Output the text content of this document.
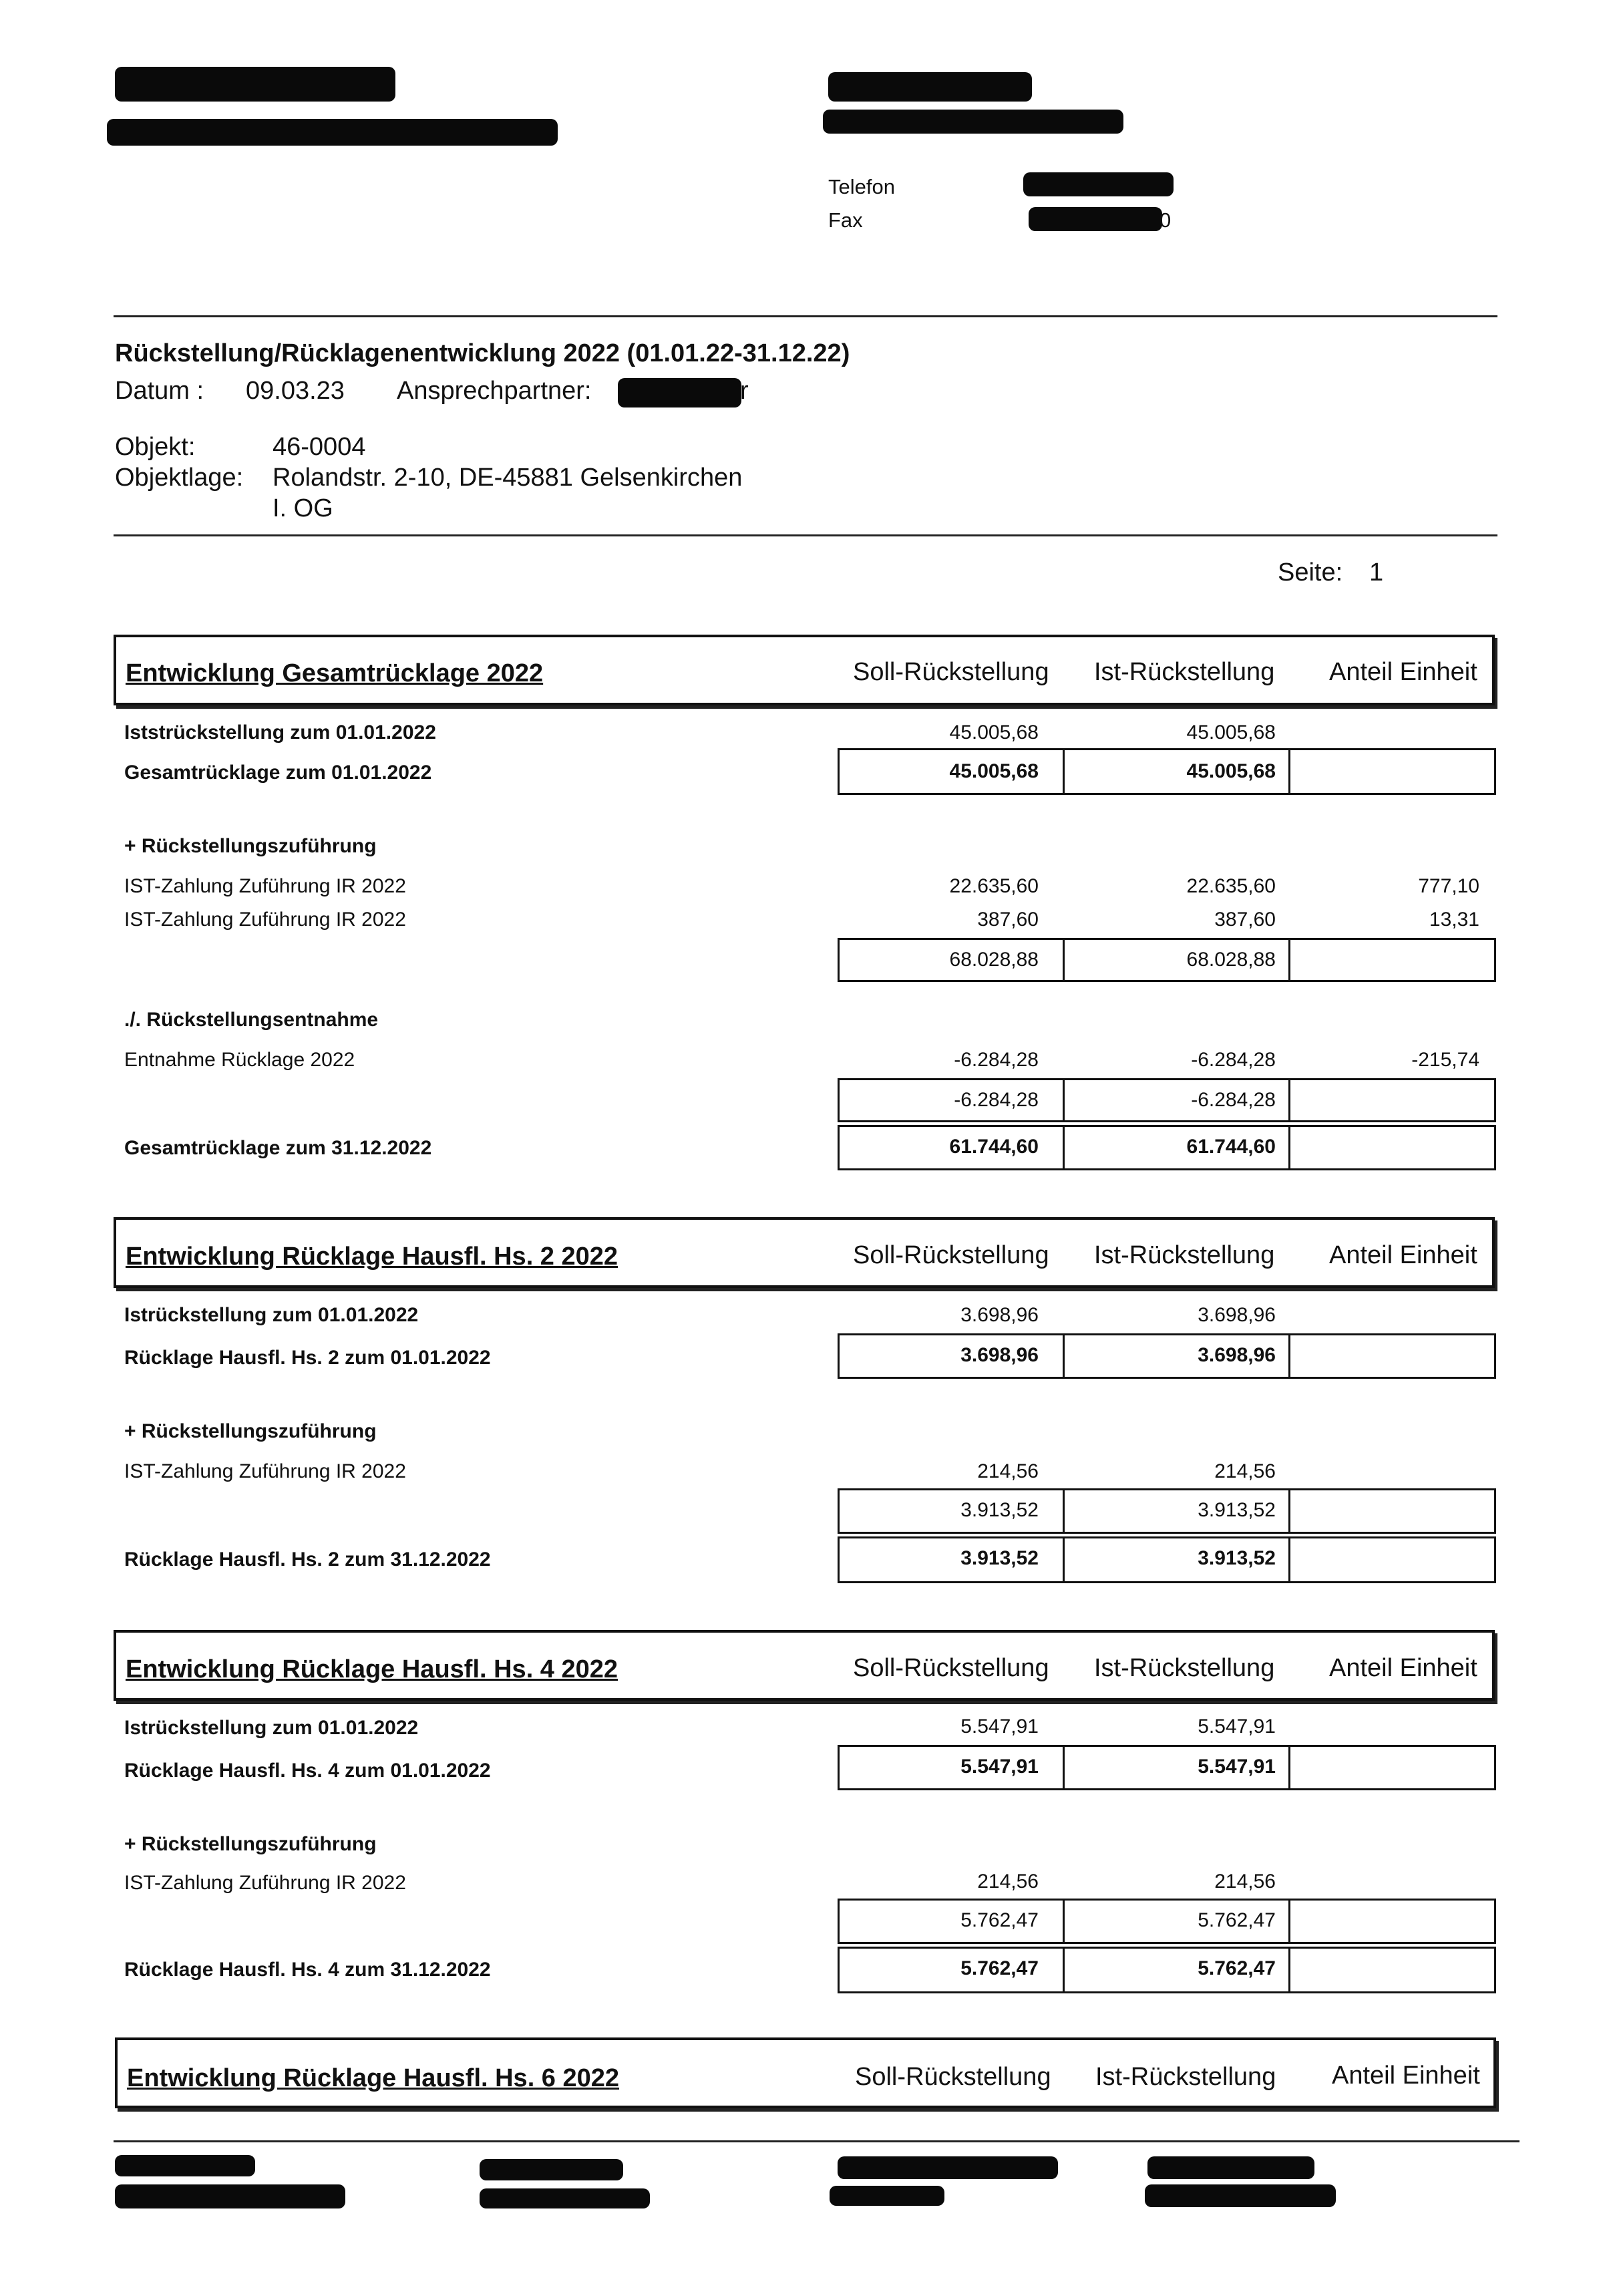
Telefon
Fax	0
Rückstellung/Rücklagenentwicklung 2022 (01.01.22-31.12.22)
Datum : 09.03.23 Ansprechpartner:	r
Objekt:	46-0004
Objektlage: Rolandstr. 2-10, DE-45881 Gelsenkirchen
I. OG
Seite: 1
Entwicklung Gesamtrücklage 2022	Soll-Rückstellung Ist-Rückstellung Anteil Einheit
Iststrückstellung zum 01.01.2022	45.005,68	45.005,68
Gesamtrücklage zum 01.01.2022	45.005,68	45.005,68
+ Rückstellungszuführung
IST-Zahlung Zuführung IR 2022	22.635,60	22.635,60	777,10
IST-Zahlung Zuführung IR 2022	387,60	387,60	13,31
68.028,88	68.028,88
./. Rückstellungsentnahme
Entnahme Rücklage 2022	-6.284,28	-6.284,28	-215,74
-6.284,28	-6.284,28
Gesamtrücklage zum 31.12.2022	61.744,60	61.744,60
Entwicklung Rücklage Hausfl. Hs. 2 2022	Soll-Rückstellung Ist-Rückstellung Anteil Einheit
Istrückstellung zum 01.01.2022	3.698,96	3.698,96
Rücklage Hausfl. Hs. 2 zum 01.01.2022	3.698,96	3.698,96
+ Rückstellungszuführung
IST-Zahlung Zuführung IR 2022	214,56	214,56
3.913,52	3.913,52
Rücklage Hausfl. Hs. 2 zum 31.12.2022	3.913,52	3.913,52
Entwicklung Rücklage Hausfl. Hs. 4 2022	Soll-Rückstellung Ist-Rückstellung Anteil Einheit
Istrückstellung zum 01.01.2022	5.547,91	5.547,91
Rücklage Hausfl. Hs. 4 zum 01.01.2022	5.547,91	5.547,91
+ Rückstellungszuführung
IST-Zahlung Zuführung IR 2022	214,56	214,56
5.762,47	5.762,47
Rücklage Hausfl. Hs. 4 zum 31.12.2022	5.762,47	5.762,47
Entwicklung Rücklage Hausfl. Hs. 6 2022	Soll-Rückstellung Ist-Rückstellung Anteil Einheit
